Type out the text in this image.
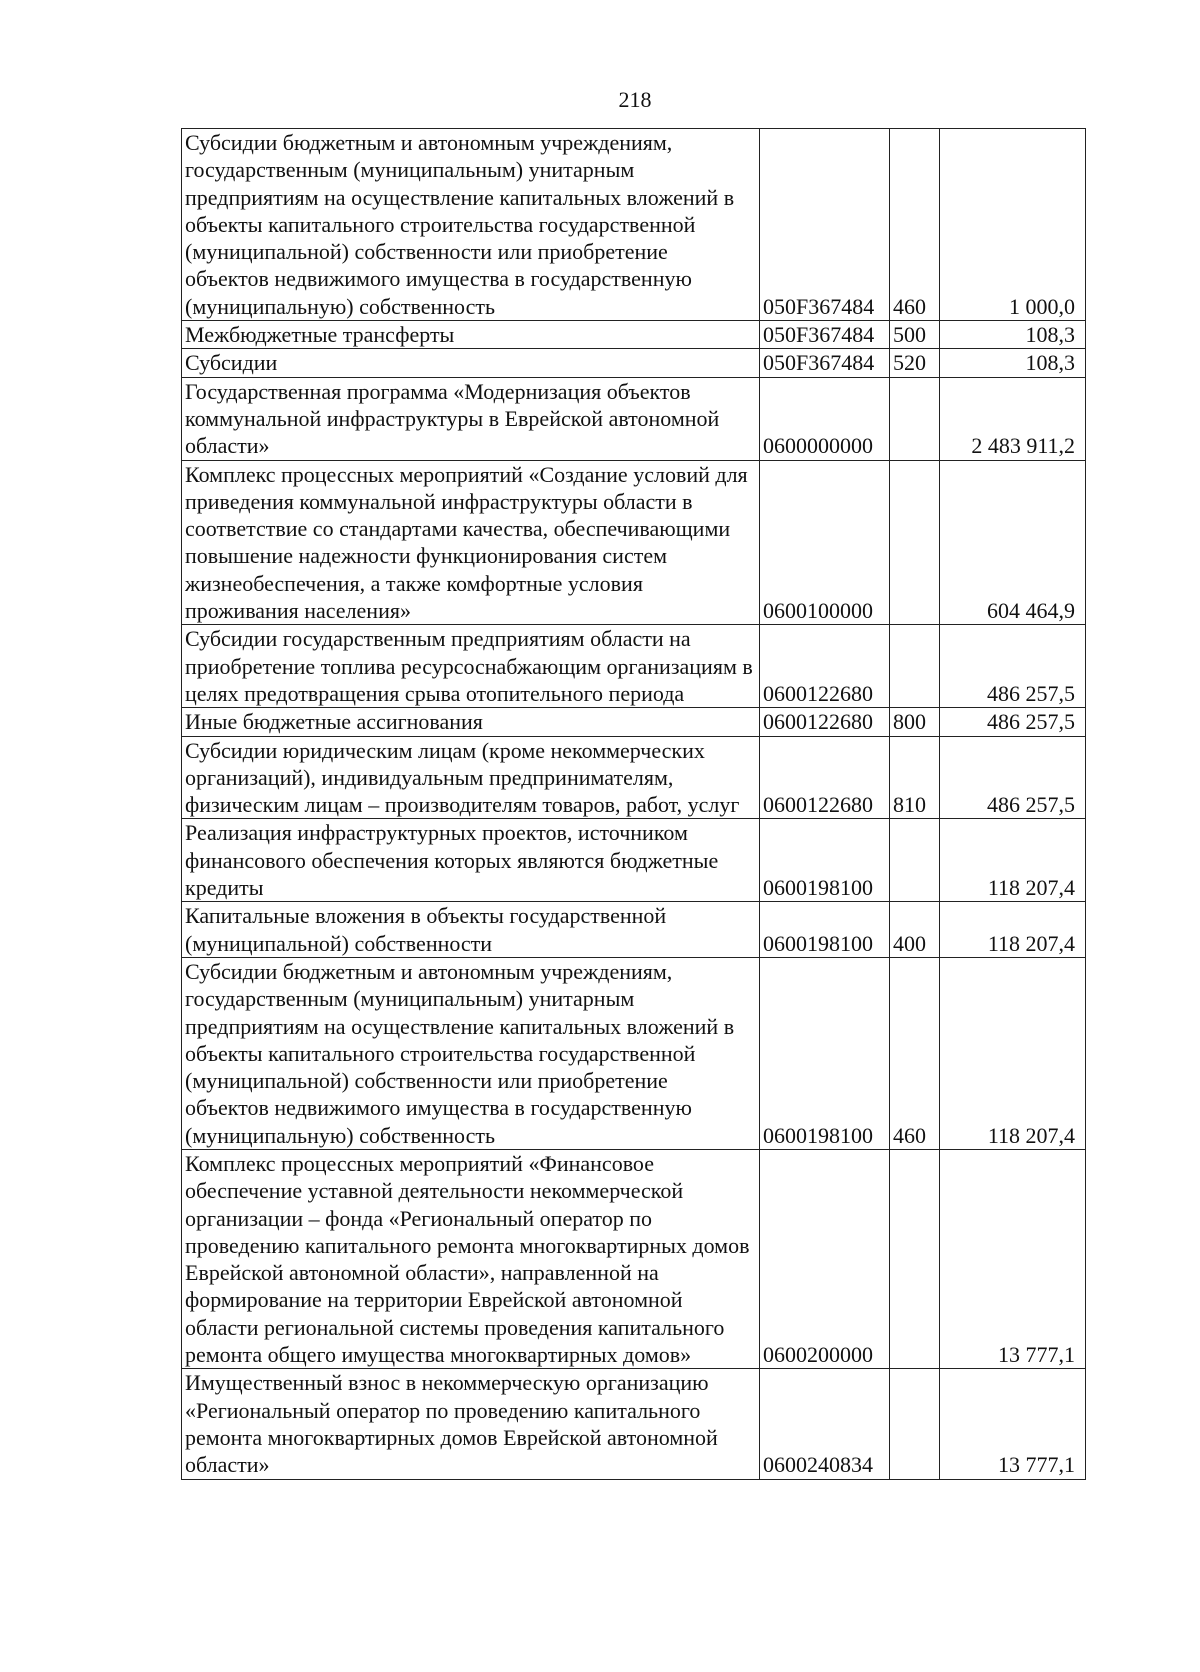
218
Субсидии бюджетным и автономным учреждениям, государственным (муниципальным) унитарным предприятиям на осуществление капитальных вложений в объекты капитального строительства государственной (муниципальной) собственности или приобретение объектов недвижимого имущества в государственную (муниципальную) собственность	050F367484	460	1 000,0
Межбюджетные трансферты	050F367484	500	108,3
Субсидии	050F367484	520	108,3
Государственная программа «Модернизация объектов коммунальной инфраструктуры в Еврейской автономной области»	0600000000		2 483 911,2
Комплекс процессных мероприятий «Создание условий для приведения коммунальной инфраструктуры области в соответствие со стандартами качества, обеспечивающими повышение надежности функционирования систем жизнеобеспечения, а также комфортные условия проживания населения»	0600100000		604 464,9
Субсидии государственным предприятиям области на приобретение топлива ресурсоснабжающим организациям в целях предотвращения срыва отопительного периода	0600122680		486 257,5
Иные бюджетные ассигнования	0600122680	800	486 257,5
Субсидии юридическим лицам (кроме некоммерческих организаций), индивидуальным предпринимателям, физическим лицам – производителям товаров, работ, услуг	0600122680	810	486 257,5
Реализация инфраструктурных проектов, источником финансового обеспечения которых являются бюджетные кредиты	0600198100		118 207,4
Капитальные вложения в объекты государственной (муниципальной) собственности	0600198100	400	118 207,4
Субсидии бюджетным и автономным учреждениям, государственным (муниципальным) унитарным предприятиям на осуществление капитальных вложений в объекты капитального строительства государственной (муниципальной) собственности или приобретение объектов недвижимого имущества в государственную (муниципальную) собственность	0600198100	460	118 207,4
Комплекс процессных мероприятий «Финансовое обеспечение уставной деятельности некоммерческой организации – фонда «Региональный оператор по проведению капитального ремонта многоквартирных домов Еврейской автономной области», направленной на формирование на территории Еврейской автономной области региональной системы проведения капитального ремонта общего имущества многоквартирных домов»	0600200000		13 777,1
Имущественный взнос в некоммерческую организацию «Региональный оператор по проведению капитального ремонта многоквартирных домов Еврейской автономной области»	0600240834		13 777,1
